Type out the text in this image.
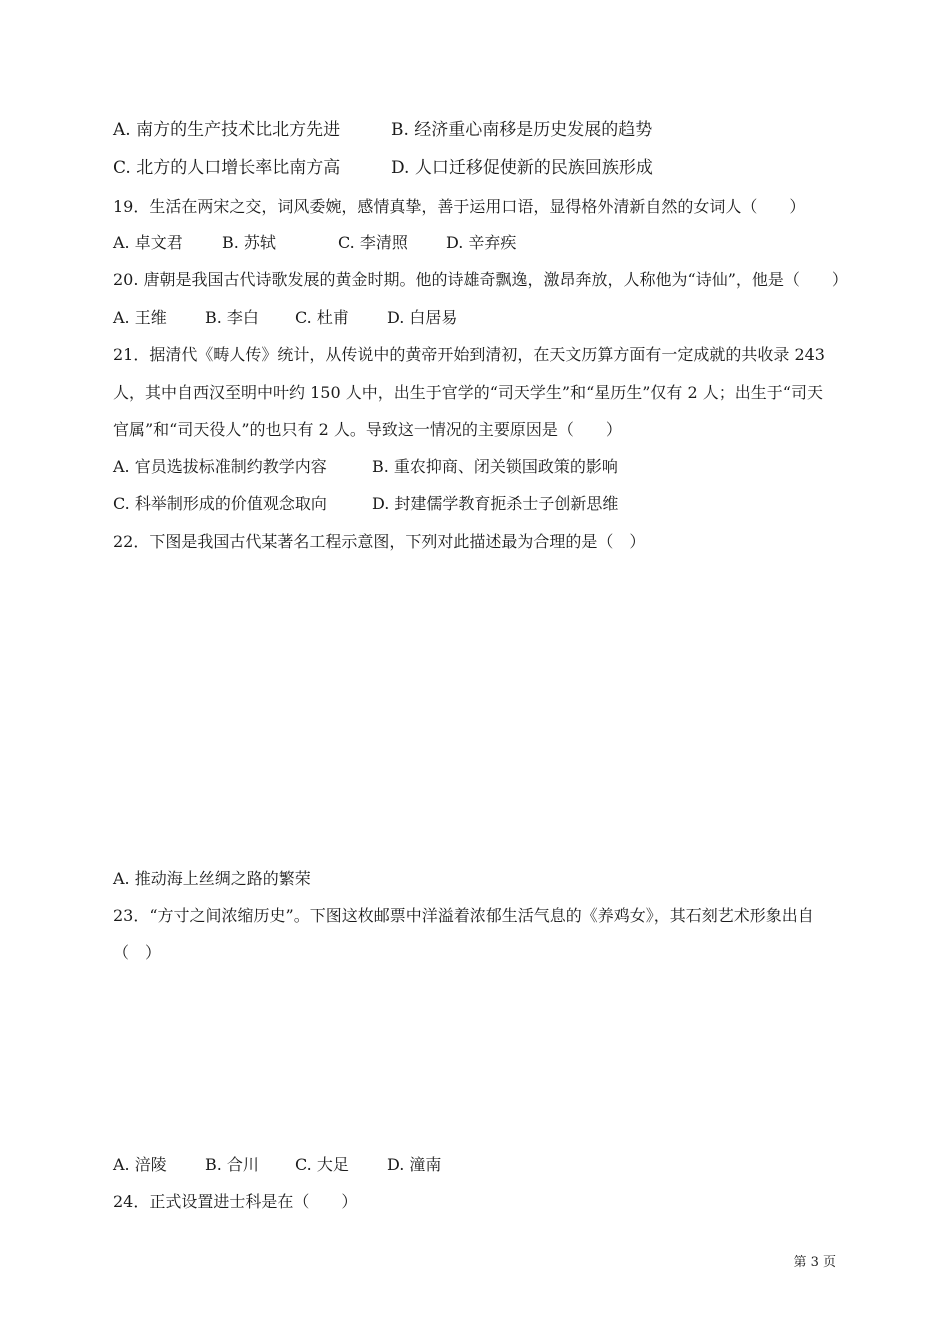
A. 南方的生产技术比北方先进	B. 经济重心南移是历史发展的趋势
C. 北方的人口增长率比南方高	D. 人口迁移促使新的民族回族形成
19．生活在两宋之交，词风委婉，感情真挚，善于运用口语，显得格外清新自然的女词人（　　）
A. 卓文君 B. 苏轼	C. 李清照 D. 辛弃疾
20. 唐朝是我国古代诗歌发展的黄金时期。他的诗雄奇飘逸，激昂奔放，人称他为“诗仙”，他是（　　）
A. 王维 B. 李白 C. 杜甫 D. 白居易
21．据清代《畴人传》统计，从传说中的黄帝开始到清初，在天文历算方面有一定成就的共收录 243
人，其中自西汉至明中叶约 150 人中，出生于官学的“司天学生”和“星历生”仅有 2 人；出生于“司天
官属”和“司天役人”的也只有 2 人。导致这一情况的主要原因是（　　）
A. 官员选拔标准制约教学内容	B. 重农抑商、闭关锁国政策的影响
C. 科举制形成的价值观念取向	D. 封建儒学教育扼杀士子创新思维
22．下图是我国古代某著名工程示意图，下列对此描述最为合理的是（　）
A. 推动海上丝绸之路的繁荣
23．“方寸之间浓缩历史”。下图这枚邮票中洋溢着浓郁生活气息的《养鸡女》，其石刻艺术形象出自
（　）
A. 涪陵 B. 合川 C. 大足 D. 潼南
24．正式设置进士科是在（　　）
第 3 页
